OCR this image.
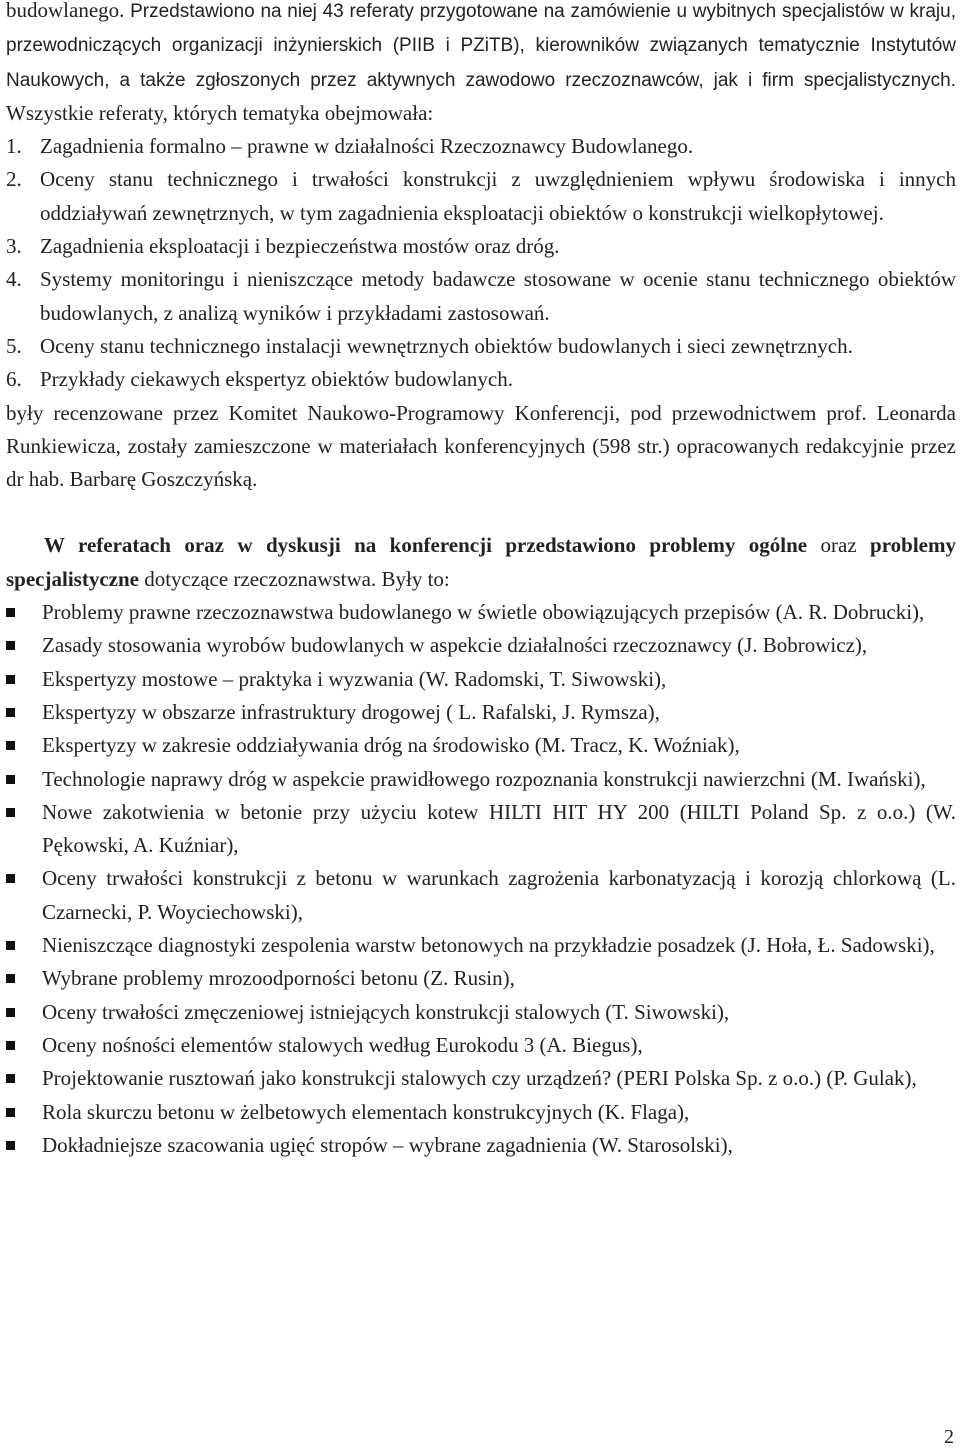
budowlanego. Przedstawiono na niej 43 referaty przygotowane na zamówienie u wybitnych specjalistów w kraju, przewodniczących organizacji inżynierskich (PIIB i PZiTB), kierowników związanych tematycznie Instytutów Naukowych, a także zgłoszonych przez aktywnych zawodowo rzeczoznawców, jak i firm specjalistycznych. Wszystkie referaty, których tematyka obejmowała:

1. Zagadnienia formalno – prawne w działalności Rzeczoznawcy Budowlanego.
2. Oceny stanu technicznego i trwałości konstrukcji z uwzględnieniem wpływu środowiska i innych oddziaływań zewnętrznych, w tym zagadnienia eksploatacji obiektów o konstrukcji wielkopłytowej.
3. Zagadnienia eksploatacji i bezpieczeństwa mostów oraz dróg.
4. Systemy monitoringu i nieniszczące metody badawcze stosowane w ocenie stanu technicznego obiektów budowlanych, z analizą wyników i przykładami zastosowań.
5. Oceny stanu technicznego instalacji wewnętrznych obiektów budowlanych i sieci zewnętrznych.
6. Przykłady ciekawych ekspertyz obiektów budowlanych.

były recenzowane przez Komitet Naukowo-Programowy Konferencji, pod przewodnictwem prof. Leonarda Runkiewicza, zostały zamieszczone w materiałach konferencyjnych (598 str.) opracowanych redakcyjnie przez dr hab. Barbarę Goszczyńską.

W referatach oraz w dyskusji na konferencji przedstawiono problemy ogólne oraz problemy specjalistyczne dotyczące rzeczoznawstwa. Były to:

Problemy prawne rzeczoznawstwa budowlanego w świetle obowiązujących przepisów (A. R. Dobrucki),
Zasady stosowania wyrobów budowlanych w aspekcie działalności rzeczoznawcy (J. Bobrowicz),
Ekspertyzy mostowe – praktyka i wyzwania (W. Radomski, T. Siwowski),
Ekspertyzy w obszarze infrastruktury drogowej ( L. Rafalski, J. Rymsza),
Ekspertyzy w zakresie oddziaływania dróg na środowisko (M. Tracz, K. Woźniak),
Technologie naprawy dróg w aspekcie prawidłowego rozpoznania konstrukcji nawierzchni (M. Iwański),
Nowe zakotwienia w betonie przy użyciu kotew HILTI HIT HY 200 (HILTI Poland Sp. z o.o.) (W. Pękowski, A. Kuźniar),
Oceny trwałości konstrukcji z betonu w warunkach zagrożenia karbonatyzacją i korozją chlorkową (L. Czarnecki, P. Woyciechowski),
Nieniszczące diagnostyki zespolenia warstw betonowych na przykładzie posadzek (J. Hoła, Ł. Sadowski),
Wybrane problemy mrozoodporności betonu (Z. Rusin),
Oceny trwałości zmęczeniowej istniejących konstrukcji stalowych (T. Siwowski),
Oceny nośności elementów stalowych według Eurokodu 3 (A. Biegus),
Projektowanie rusztowań jako konstrukcji stalowych czy urządzeń? (PERI Polska Sp. z o.o.) (P. Gulak),
Rola skurczu betonu w żelbetowych elementach konstrukcyjnych (K. Flaga),
Dokładniejsze szacowania ugięć stropów – wybrane zagadnienia (W. Starosolski),
2
